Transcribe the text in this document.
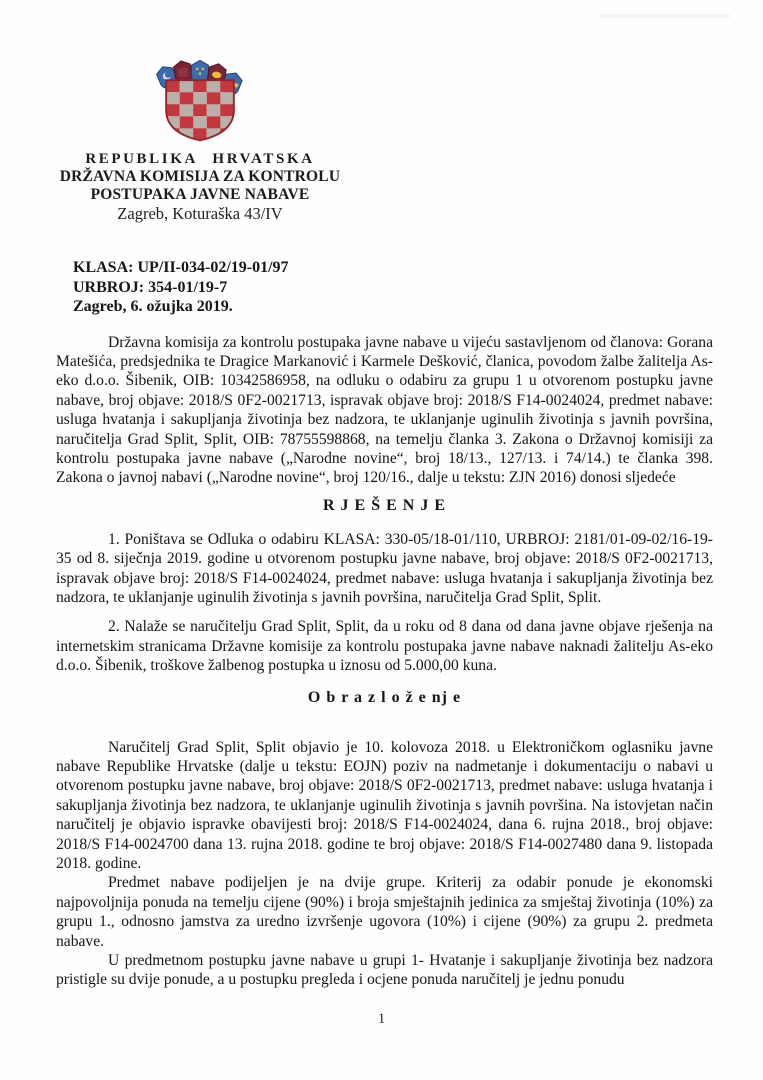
REPUBLIKA HRVATSKA
DRŽAVNA KOMISIJA ZA KONTROLU
POSTUPAKA JAVNE NABAVE
Zagreb, Koturaška 43/IV
KLASA: UP/II-034-02/19-01/97
URBROJ: 354-01/19-7
Zagreb, 6. ožujka 2019.

Državna komisija za kontrolu postupaka javne nabave u vijeću sastavljenom od članova: Gorana Matešića, predsjednika te Dragice Markanović i Karmele Dešković, članica, povodom žalbe žalitelja As-eko d.o.o. Šibenik, OIB: 10342586958, na odluku o odabiru za grupu 1 u otvorenom postupku javne nabave, broj objave: 2018/S 0F2-0021713, ispravak objave broj: 2018/S F14-0024024, predmet nabave: usluga hvatanja i sakupljanja životinja bez nadzora, te uklanjanje uginulih životinja s javnih površina, naručitelja Grad Split, Split, OIB: 78755598868, na temelju članka 3. Zakona o Državnoj komisiji za kontrolu postupaka javne nabave („Narodne novine“, broj 18/13., 127/13. i 74/14.) te članka 398. Zakona o javnoj nabavi („Narodne novine“, broj 120/16., dalje u tekstu: ZJN 2016) donosi sljedeće

R J E Š E N J E

1. Poništava se Odluka o odabiru KLASA: 330-05/18-01/110, URBROJ: 2181/01-09-02/16-19-35 od 8. siječnja 2019. godine u otvorenom postupku javne nabave, broj objave: 2018/S 0F2-0021713, ispravak objave broj: 2018/S F14-0024024, predmet nabave: usluga hvatanja i sakupljanja životinja bez nadzora, te uklanjanje uginulih životinja s javnih površina, naručitelja Grad Split, Split.

2. Nalaže se naručitelju Grad Split, Split, da u roku od 8 dana od dana javne objave rješenja na internetskim stranicama Državne komisije za kontrolu postupaka javne nabave naknadi žalitelju As-eko d.o.o. Šibenik, troškove žalbenog postupka u iznosu od 5.000,00 kuna.

O b r a z l o ž e nj e

Naručitelj Grad Split, Split objavio je 10. kolovoza 2018. u Elektroničkom oglasniku javne nabave Republike Hrvatske (dalje u tekstu: EOJN) poziv na nadmetanje i dokumentaciju o nabavi u otvorenom postupku javne nabave, broj objave: 2018/S 0F2-0021713, predmet nabave: usluga hvatanja i sakupljanja životinja bez nadzora, te uklanjanje uginulih životinja s javnih površina. Na istovjetan način naručitelj je objavio ispravke obavijesti broj: 2018/S F14-0024024, dana 6. rujna 2018., broj objave: 2018/S F14-0024700 dana 13. rujna 2018. godine te broj objave: 2018/S F14-0027480 dana 9. listopada 2018. godine.

Predmet nabave podijeljen je na dvije grupe. Kriterij za odabir ponude je ekonomski najpovoljnija ponuda na temelju cijene (90%) i broja smještajnih jedinica za smještaj životinja (10%) za grupu 1., odnosno jamstva za uredno izvršenje ugovora (10%) i cijene (90%) za grupu 2. predmeta nabave.

U predmetnom postupku javne nabave u grupi 1- Hvatanje i sakupljanje životinja bez nadzora pristigle su dvije ponude, a u postupku pregleda i ocjene ponuda naručitelj je jednu ponudu

1
